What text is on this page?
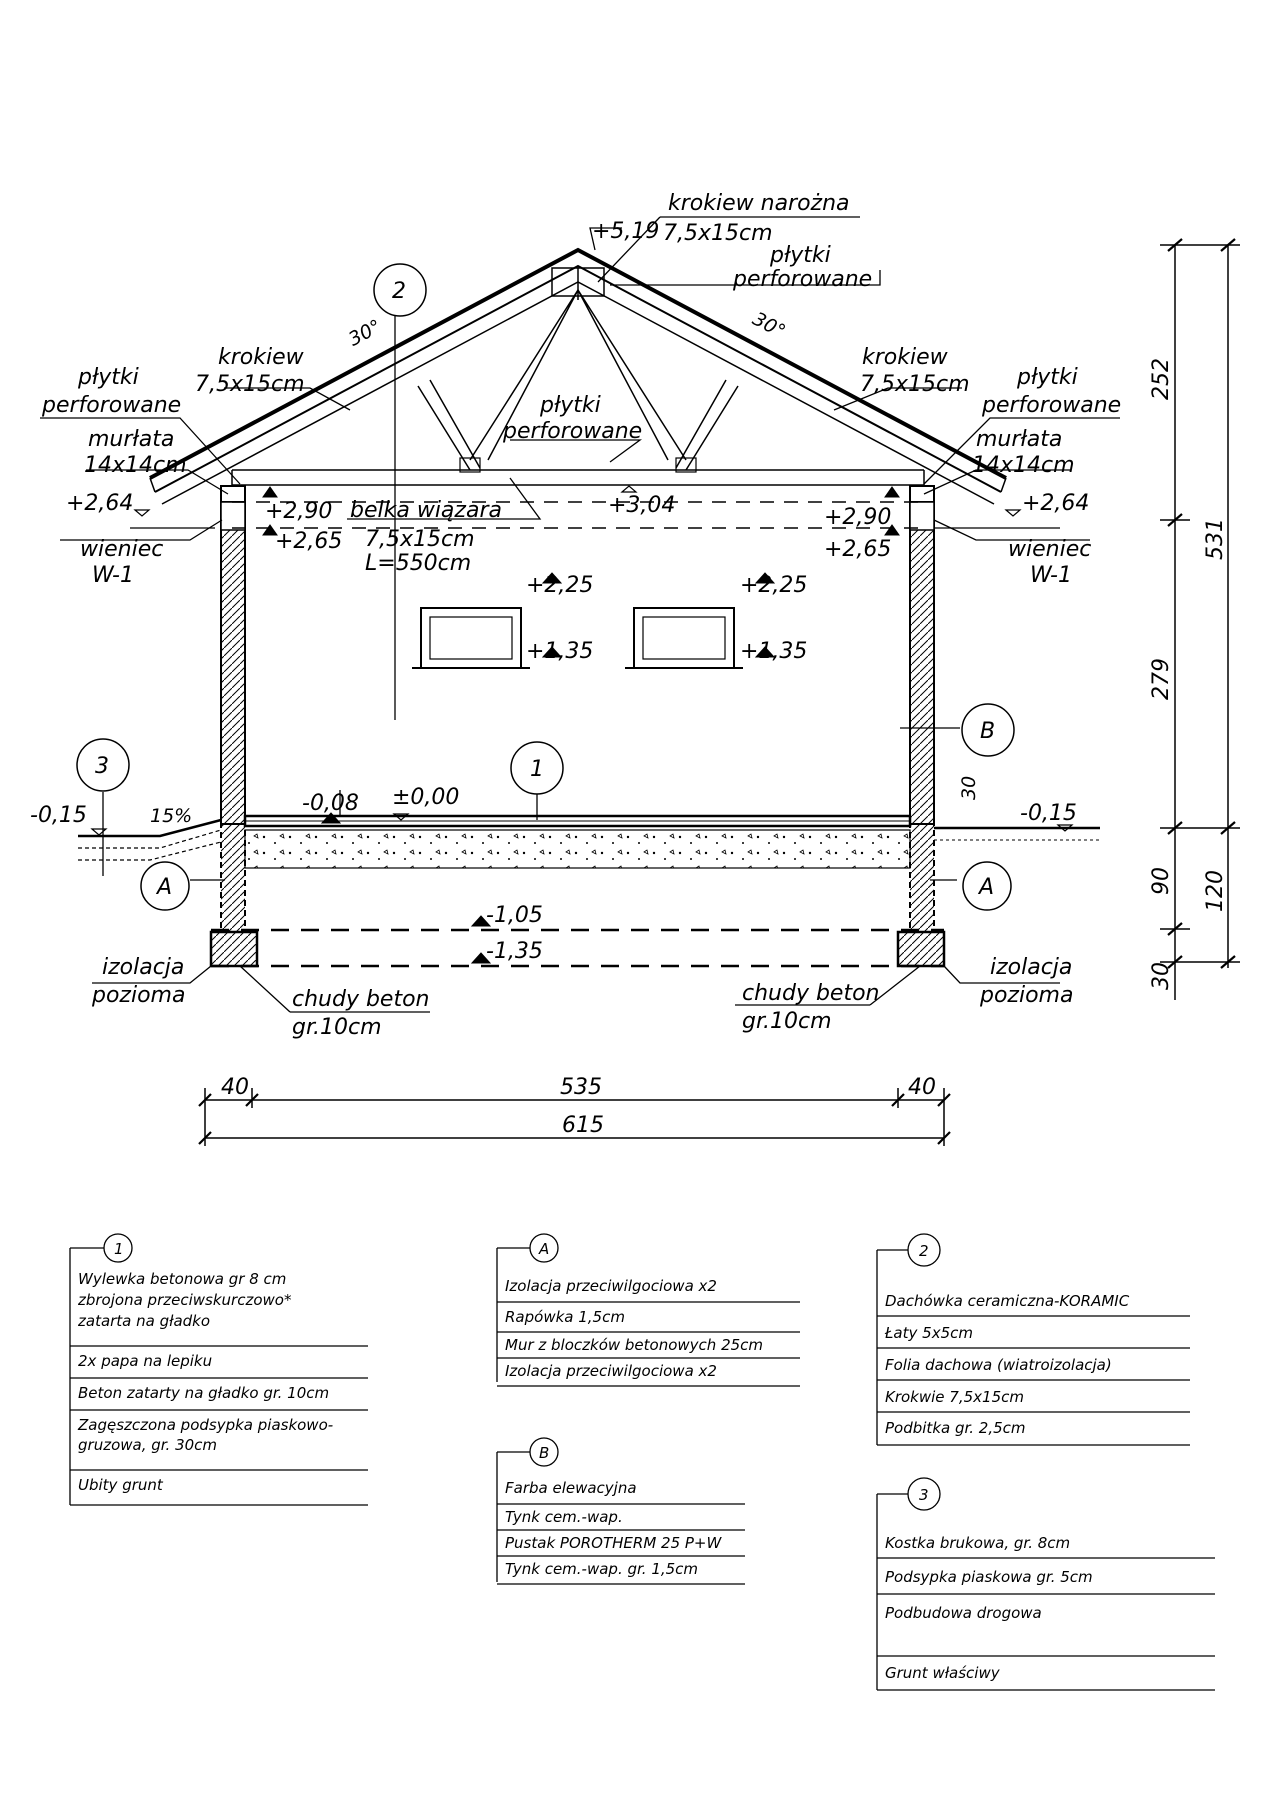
+5,19
krokiew narożna
7,5x15cm
płytki
perforowane
30°	30°
krokiew
7,5x15cm
krokiew
7,5x15cm
płytki
perforowane
płytki
perforowane
płytki
perforowane
murłata
14x14cm
murłata
14x14cm
+2,64	+2,64
+2,90
+2,65
+2,90
+2,65
+3,04
belka wiązara
7,5x15cm
L=550cm
wieniec
W-1
wieniec
W-1
+2,25
+1,35
+2,25
+1,35
-0,15	-0,15
15%	-0,08 ±0,00
-1,05
-1,35
izolacja
pozioma
izolacja
pozioma
chudy beton
gr.10cm
chudy beton
gr.10cm
30
2
1
3
A	A
B
40	535	40
615
252
279
90
30
531
120
1
Wylewka betonowa gr 8 cm
zbrojona przeciwskurczowo*
zatarta na gładko
2x papa na lepiku
Beton zatarty na gładko gr. 10cm
Zagęszczona podsypka piaskowo-
gruzowa, gr. 30cm
Ubity grunt
A
Izolacja przeciwilgociowa x2
Rapówka 1,5cm
Mur z bloczków betonowych 25cm
Izolacja przeciwilgociowa x2
B
Farba elewacyjna
Tynk cem.-wap.
Pustak POROTHERM 25 P+W
Tynk cem.-wap. gr. 1,5cm
2
Dachówka ceramiczna-KORAMIC
Łaty 5x5cm
Folia dachowa (wiatroizolacja)
Krokwie 7,5x15cm
Podbitka gr. 2,5cm
3
Kostka brukowa, gr. 8cm
Podsypka piaskowa gr. 5cm
Podbudowa drogowa
Grunt właściwy
